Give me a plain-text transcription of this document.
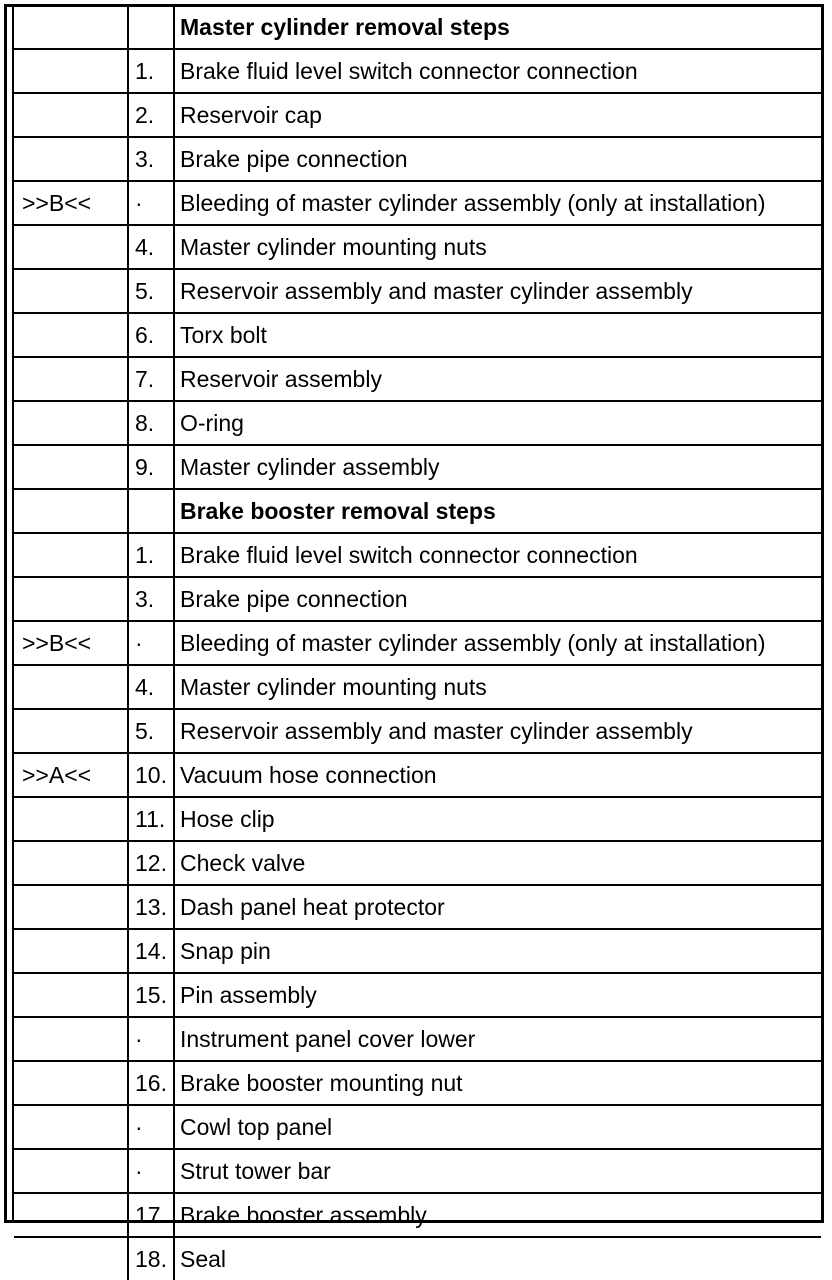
		Master cylinder removal steps
	1.	Brake fluid level switch connector connection
	2.	Reservoir cap
	3.	Brake pipe connection
>>B<<	·	Bleeding of master cylinder assembly (only at installation)
	4.	Master cylinder mounting nuts
	5.	Reservoir assembly and master cylinder assembly
	6.	Torx bolt
	7.	Reservoir assembly
	8.	O-ring
	9.	Master cylinder assembly
		Brake booster removal steps
	1.	Brake fluid level switch connector connection
	3.	Brake pipe connection
>>B<<	·	Bleeding of master cylinder assembly (only at installation)
	4.	Master cylinder mounting nuts
	5.	Reservoir assembly and master cylinder assembly
>>A<<	10.	Vacuum hose connection
	11.	Hose clip
	12.	Check valve
	13.	Dash panel heat protector
	14.	Snap pin
	15.	Pin assembly
	·	Instrument panel cover lower
	16.	Brake booster mounting nut
	·	Cowl top panel
	·	Strut tower bar
	17.	Brake booster assembly
	18.	Seal
